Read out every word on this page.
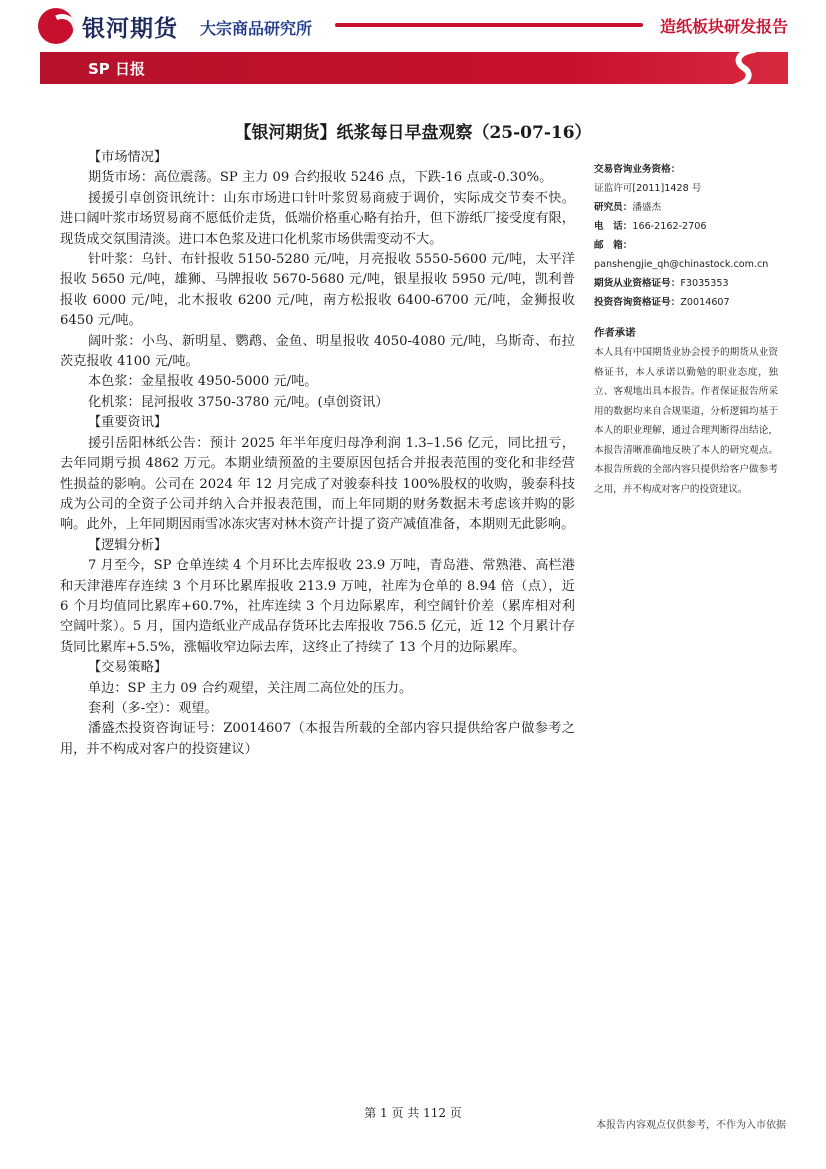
银河期货 大宗商品研究所	造纸板块研发报告
SP 日报
【银河期货】纸浆每日早盘观察（25-07-16）

【市场情况】

期货市场：高位震荡。SP 主力 09 合约报收 5246 点，下跌-16 点或-0.30%。

援援引卓创资讯统计：山东市场进口针叶浆贸易商疲于调价，实际成交节奏不快。进口阔叶浆市场贸易商不愿低价走货，低端价格重心略有抬升，但下游纸厂接受度有限，现货成交氛围清淡。进口本色浆及进口化机浆市场供需变动不大。

针叶浆：乌针、布针报收 5150-5280 元/吨，月亮报收 5550-5600 元/吨，太平洋报收 5650 元/吨，雄狮、马牌报收 5670-5680 元/吨，银星报收 5950 元/吨，凯利普报收 6000 元/吨，北木报收 6200 元/吨，南方松报收 6400-6700 元/吨，金狮报收 6450 元/吨。

阔叶浆：小鸟、新明星、鹦鹉、金鱼、明星报收 4050-4080 元/吨，乌斯奇、布拉茨克报收 4100 元/吨。

本色浆：金星报收 4950-5000 元/吨。

化机浆：昆河报收 3750-3780 元/吨。(卓创资讯）

【重要资讯】

援引岳阳林纸公告：预计 2025 年半年度归母净利润 1.3–1.56 亿元，同比扭亏，去年同期亏损 4862 万元。本期业绩预盈的主要原因包括合并报表范围的变化和非经营性损益的影响。公司在 2024 年 12 月完成了对骏泰科技 100%股权的收购，骏泰科技成为公司的全资子公司并纳入合并报表范围，而上年同期的财务数据未考虑该并购的影响。此外，上年同期因雨雪冰冻灾害对林木资产计提了资产减值准备，本期则无此影响。

【逻辑分析】

7 月至今，SP 仓单连续 4 个月环比去库报收 23.9 万吨，青岛港、常熟港、高栏港和天津港库存连续 3 个月环比累库报收 213.9 万吨，社库为仓单的 8.94 倍（点），近 6 个月均值同比累库+60.7%，社库连续 3 个月边际累库，利空阔针价差（累库相对利空阔叶浆）。5 月，国内造纸业产成品存货环比去库报收 756.5 亿元，近 12 个月累计存货同比累库+5.5%，涨幅收窄边际去库，这终止了持续了 13 个月的边际累库。

【交易策略】

单边：SP 主力 09 合约观望，关注周二高位处的压力。

套利（多-空）：观望。

潘盛杰投资咨询证号：Z0014607（本报告所载的全部内容只提供给客户做参考之用，并不构成对客户的投资建议）

交易咨询业务资格：
证监许可[2011]1428 号
研究员：潘盛杰
电　话：166-2162-2706
邮　箱：
panshengjie_qh@chinastock.com.cn
期货从业资格证号：F3035353
投资咨询资格证号：Z0014607
作者承诺
本人具有中国期货业协会授予的期货从业资格证书，本人承诺以勤勉的职业态度，独立、客观地出具本报告。作者保证报告所采用的数据均来自合规渠道，分析逻辑均基于本人的职业理解，通过合理判断得出结论，本报告清晰准确地反映了本人的研究观点。本报告所载的全部内容只提供给客户做参考之用，并不构成对客户的投资建议。
第 1 页 共 112 页
本报告内容观点仅供参考，不作为入市依据
